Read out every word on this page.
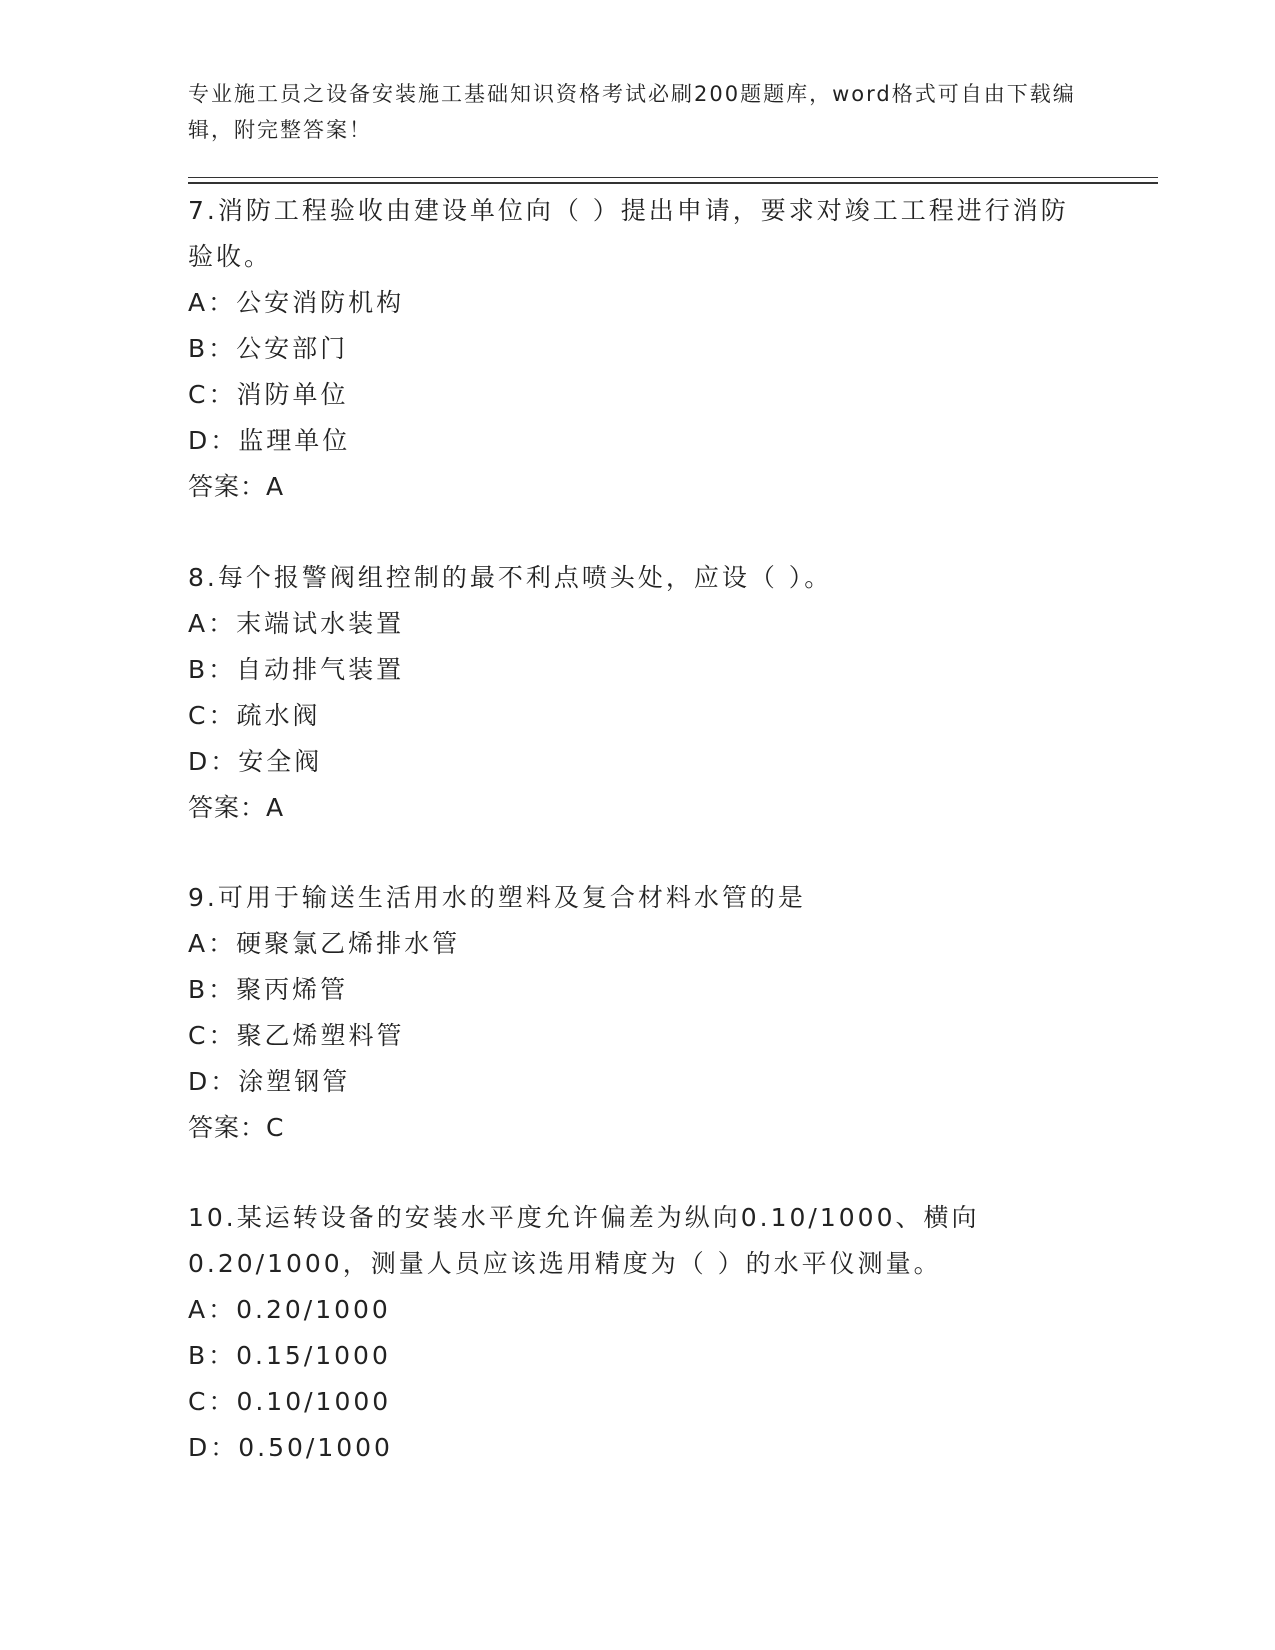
专业施工员之设备安装施工基础知识资格考试必刷200题题库，word格式可自由下载编辑，附完整答案！

7.消防工程验收由建设单位向（ ）提出申请，要求对竣工工程进行消防验收。

A：公安消防机构

B：公安部门

C：消防单位

D：监理单位

答案：A

8.每个报警阀组控制的最不利点喷头处，应设（ ）。

A：末端试水装置

B：自动排气装置

C：疏水阀

D：安全阀

答案：A

9.可用于输送生活用水的塑料及复合材料水管的是

A：硬聚氯乙烯排水管

B：聚丙烯管

C：聚乙烯塑料管

D：涂塑钢管

答案：C

10.某运转设备的安装水平度允许偏差为纵向0.10/1000、横向0.20/1000，测量人员应该选用精度为（ ）的水平仪测量。

A：0.20/1000

B：0.15/1000

C：0.10/1000

D：0.50/1000
